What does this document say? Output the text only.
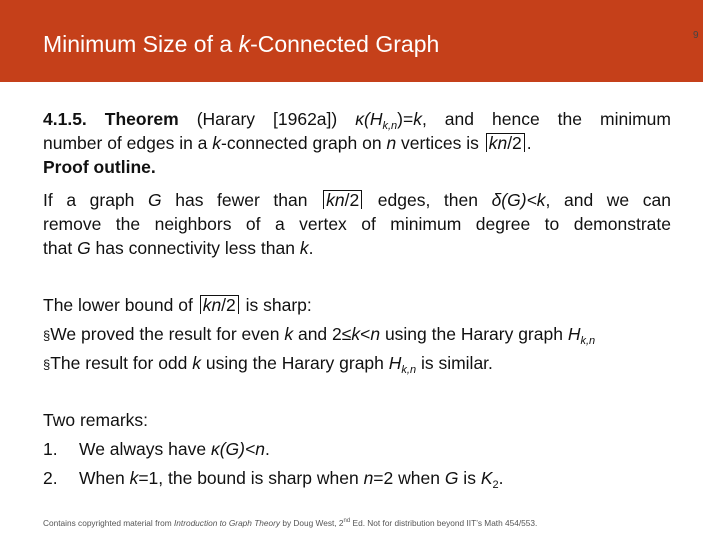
Minimum Size of a k-Connected Graph	9
4.1.5. Theorem (Harary [1962a]) $\kappa(H_{k,n})=k$, and hence the minimum
number of edges in a k-connected graph on n vertices is kn/2 .
Proof outline.
If a graph G has fewer than kn/2 edges, then δ(G)<k, and we can
remove the neighbors of a vertex of minimum degree to demonstrate
that G has connectivity less than k.
The lower bound of kn/2 is sharp:
§We proved the result for even k and 2≤k<n using the Harary graph $H_{k,n}$
§The result for odd k using the Harary graph $H_{k,n}$ is similar.
Two remarks:
1. We always have κ(G)<n.
2. When k=1, the bound is sharp when n=2 when G is $K_2$.
Contains copyrighted material from Introduction to Graph Theory by Doug West, 2nd Ed. Not for distribution beyond IIT’s Math 454/553.
